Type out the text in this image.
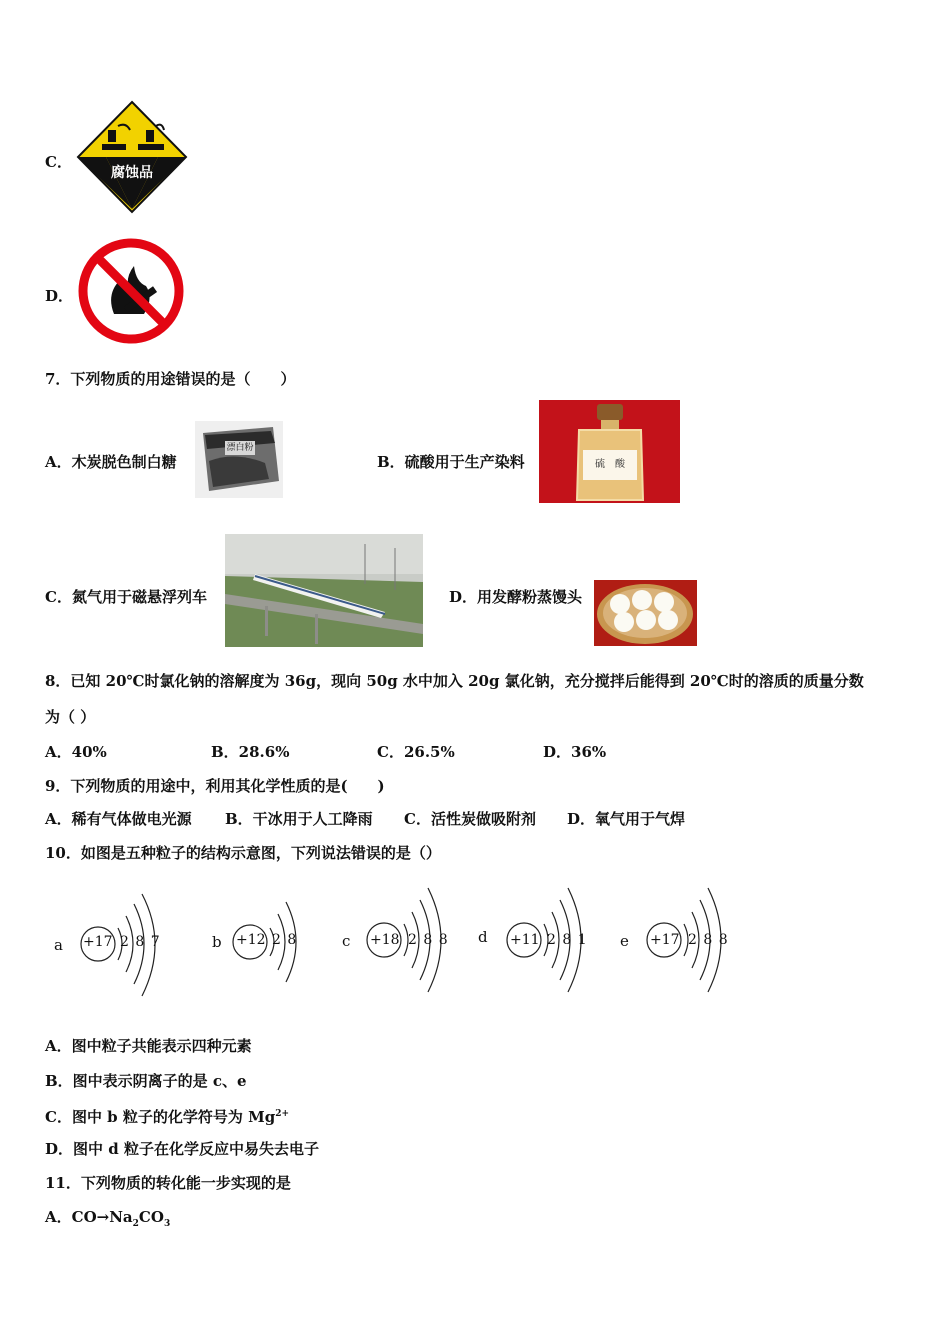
C．
腐蚀品
D．
7．下列物质的用途错误的是（　　）
A．木炭脱色制白糖
漂白粉
B．硫酸用于生产染料	硫　酸
C．氮气用于磁悬浮列车	D．用发酵粉蒸馒头
8．已知 20℃时氯化钠的溶解度为 36g，现向 50g 水中加入 20g 氯化钠，充分搅拌后能得到 20℃时的溶质的质量分数
为（ ）
A．40%	B．28.6%	C．26.5%	D．36%
9．下列物质的用途中，利用其化学性质的是(　　)
A．稀有气体做电光源 B．干冰用于人工降雨 C．活性炭做吸附剂 D．氧气用于气焊
10．如图是五种粒子的结构示意图，下列说法错误的是（）
a +17 2 8 7	b +12 2 8	c +18 2 8 8 d +11 2 8 1 e +17 2 8 8
A．图中粒子共能表示四种元素
B．图中表示阴离子的是 c、e
C．图中 b 粒子的化学符号为 $Mg^{2+}$
D．图中 d 粒子在化学反应中易失去电子
11．下列物质的转化能一步实现的是
A．$CO\to Na_2CO_3$
